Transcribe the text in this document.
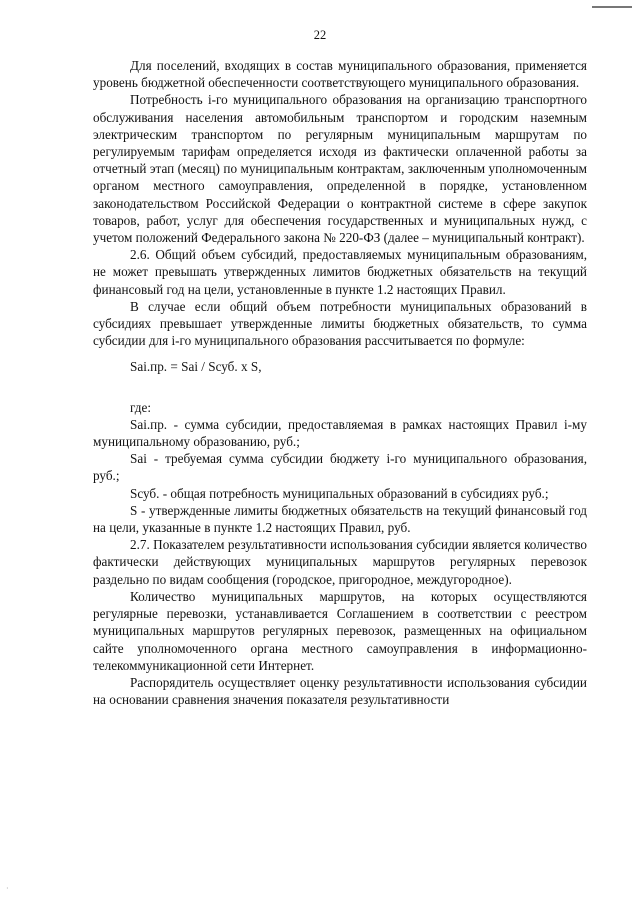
22

Для поселений, входящих в состав муниципального образования, применяется уровень бюджетной обеспеченности соответствующего муниципального образования.

Потребность i-го муниципального образования на организацию транспортного обслуживания населения автомобильным транспортом и городским наземным электрическим транспортом по регулярным муниципальным маршрутам по регулируемым тарифам определяется исходя из фактически оплаченной работы за отчетный этап (месяц) по муниципальным контрактам, заключенным уполномоченным органом местного самоуправления, определенной в порядке, установленном законодательством Российской Федерации о контрактной системе в сфере закупок товаров, работ, услуг для обеспечения государственных и муниципальных нужд, с учетом положений Федерального закона № 220-ФЗ (далее – муниципальный контракт).

2.6. Общий объем субсидий, предоставляемых муниципальным образованиям, не может превышать утвержденных лимитов бюджетных обязательств на текущий финансовый год на цели, установленные в пункте 1.2 настоящих Правил.

В случае если общий объем потребности муниципальных образований в субсидиях превышает утвержденные лимиты бюджетных обязательств, то сумма субсидии для i-го муниципального образования рассчитывается по формуле:

Sai.пр. = Sai / Sсуб. x S,

где:

Sai.пр. - сумма субсидии, предоставляемая в рамках настоящих Правил i-му муниципальному образованию, руб.;

Sai - требуемая сумма субсидии бюджету i-го муниципального образования, руб.;

Sсуб. - общая потребность муниципальных образований в субсидиях руб.;

S - утвержденные лимиты бюджетных обязательств на текущий финансовый год на цели, указанные в пункте 1.2 настоящих Правил, руб.

2.7. Показателем результативности использования субсидии является количество фактически действующих муниципальных маршрутов регулярных перевозок раздельно по видам сообщения (городское, пригородное, междугородное).

Количество муниципальных маршрутов, на которых осуществляются регулярные перевозки, устанавливается Соглашением в соответствии с реестром муниципальных маршрутов регулярных перевозок, размещенных на официальном сайте уполномоченного органа местного самоуправления в информационно-телекоммуникационной сети Интернет.

Распорядитель осуществляет оценку результативности использования субсидии на основании сравнения значения показателя результативности

·
